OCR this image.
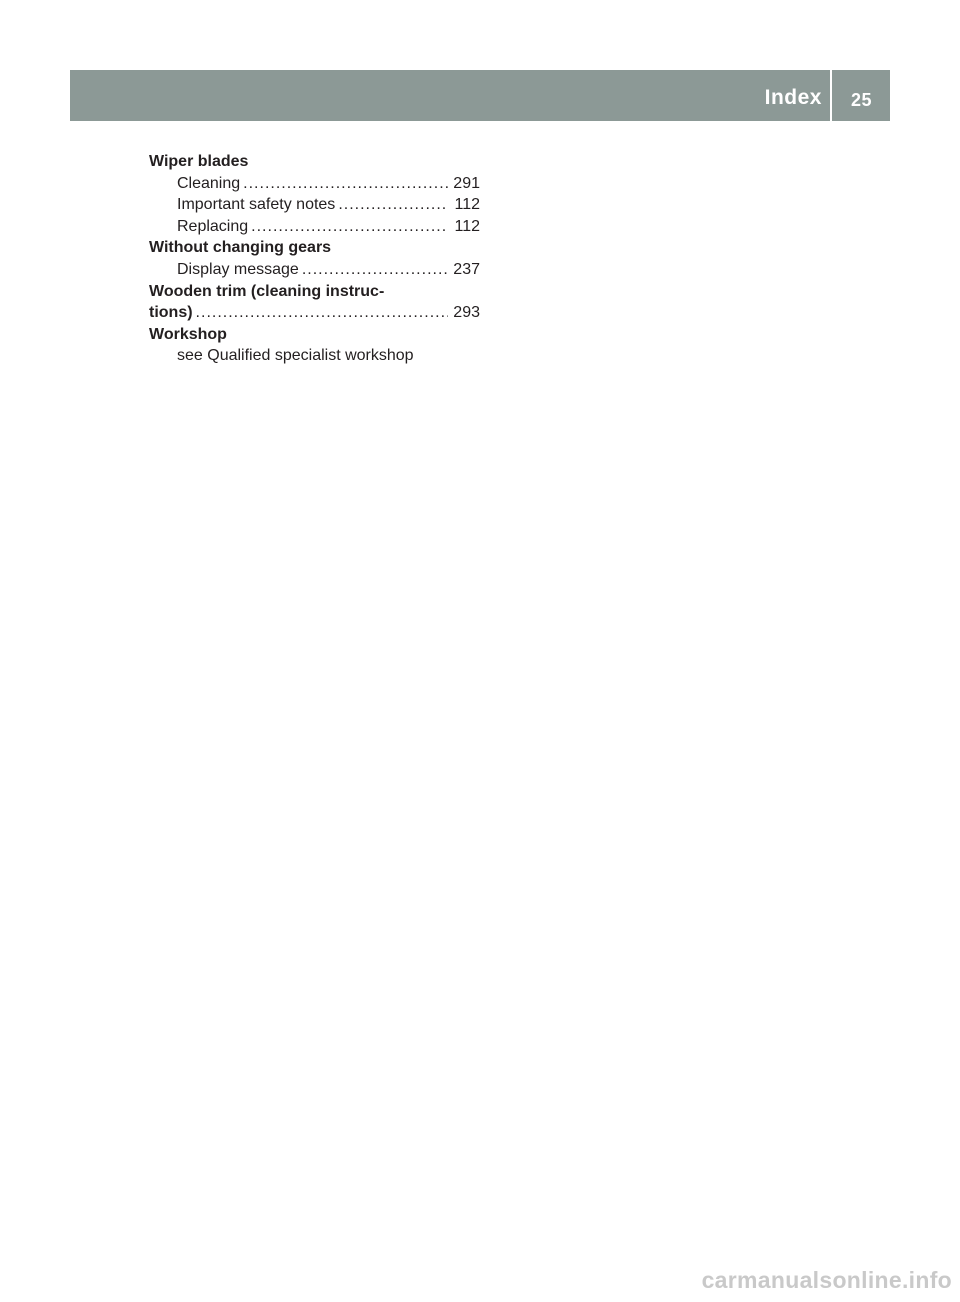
Index 25
Wiper blades
Cleaning .....	291
Important safety notes .....	112
Replacing .....	112
Without changing gears
Display message .....	237
Wooden trim (cleaning instruc-
tions) .....	293
Workshop
see Qualified specialist workshop
carmanualsonline.info
